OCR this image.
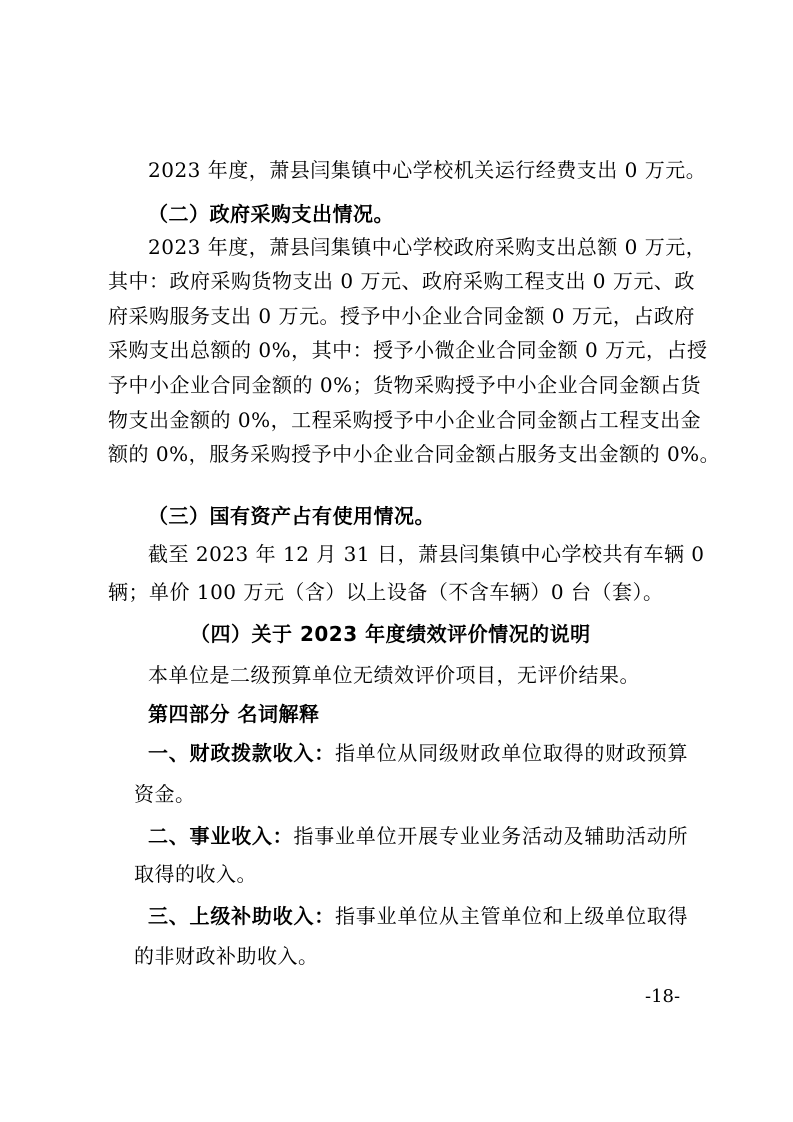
2023 年度，萧县闫集镇中心学校机关运行经费支出 0 万元。
（二）政府采购支出情况。
2023 年度，萧县闫集镇中心学校政府采购支出总额 0 万元，
其中：政府采购货物支出 0 万元、政府采购工程支出 0 万元、政
府采购服务支出 0 万元。授予中小企业合同金额 0 万元，占政府
采购支出总额的 0%，其中：授予小微企业合同金额 0 万元，占授
予中小企业合同金额的 0%；货物采购授予中小企业合同金额占货
物支出金额的 0%，工程采购授予中小企业合同金额占工程支出金
额的 0%，服务采购授予中小企业合同金额占服务支出金额的 0%。
（三）国有资产占有使用情况。
截至 2023 年 12 月 31 日，萧县闫集镇中心学校共有车辆 0
辆；单价 100 万元（含）以上设备（不含车辆）0 台（套）。
（四）关于 2023 年度绩效评价情况的说明
本单位是二级预算单位无绩效评价项目，无评价结果。
第四部分 名词解释
一、财政拨款收入：指单位从同级财政单位取得的财政预算
资金。
二、事业收入：指事业单位开展专业业务活动及辅助活动所
取得的收入。
三、上级补助收入：指事业单位从主管单位和上级单位取得
的非财政补助收入。
-18-
